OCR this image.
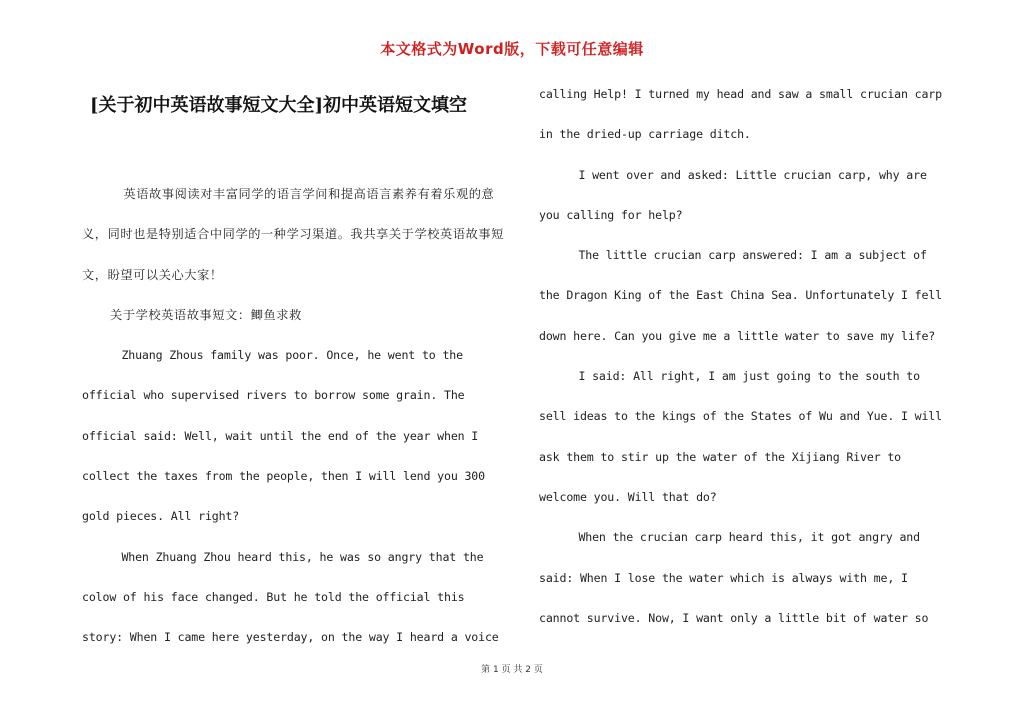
本文格式为Word版，下载可任意编辑
[关于初中英语故事短文大全]初中英语短文填空

英语故事阅读对丰富同学的语言学问和提高语言素养有着乐观的意义，同时也是特别适合中同学的一种学习渠道。我共享关于学校英语故事短文，盼望可以关心大家！

关于学校英语故事短文：鲫鱼求救

Zhuang Zhous family was poor. Once, he went to the official who supervised rivers to borrow some grain. The official said: Well, wait until the end of the year when I collect the taxes from the people, then I will lend you 300 gold pieces. All right?

When Zhuang Zhou heard this, he was so angry that the colow of his face changed. But he told the official this story: When I came here yesterday, on the way I heard a voice

calling Help! I turned my head and saw a small crucian carp in the dried-up carriage ditch.

I went over and asked: Little crucian carp, why are you calling for help?

The little crucian carp answered: I am a subject of the Dragon King of the East China Sea. Unfortunately I fell down here. Can you give me a little water to save my life?

I said: All right, I am just going to the south to sell ideas to the kings of the States of Wu and Yue. I will ask them to stir up the water of the Xijiang River to welcome you. Will that do?

When the crucian carp heard this, it got angry and said: When I lose the water which is always with me, I cannot survive. Now, I want only a little bit of water so

第 1 页 共 2 页
